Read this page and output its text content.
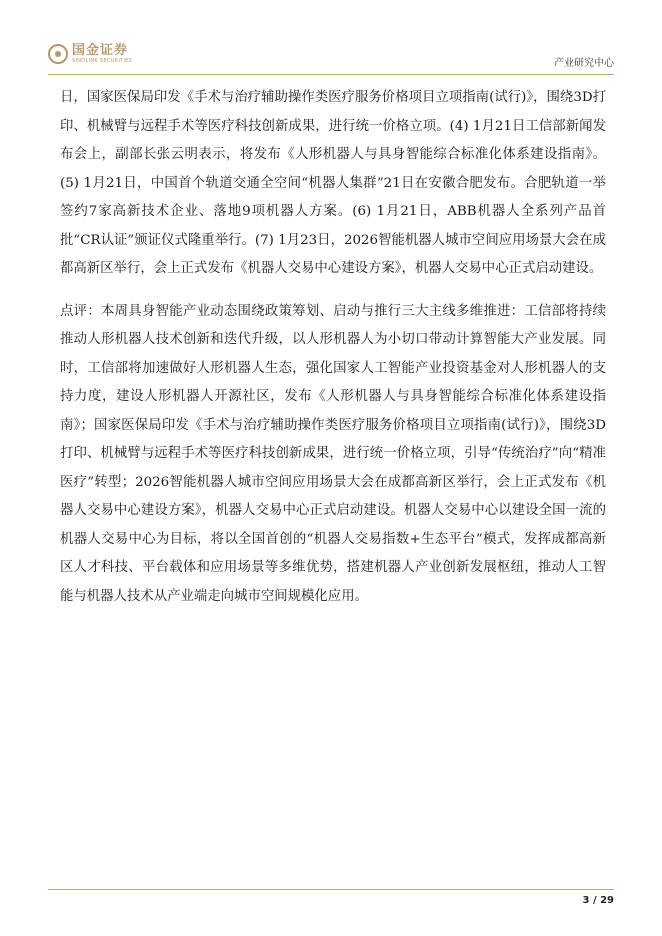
国金证券
SINOLINK SECURITIES	产业研究中心

日，国家医保局印发《手术与治疗辅助操作类医疗服务价格项目立项指南(试行)》，围绕3D打印、机械臂与远程手术等医疗科技创新成果，进行统一价格立项。(4) 1月21日工信部新闻发布会上，副部长张云明表示，将发布《人形机器人与具身智能综合标准化体系建设指南》。(5) 1月21日，中国首个轨道交通全空间“机器人集群”21日在安徽合肥发布。合肥轨道一举签约7家高新技术企业、落地9项机器人方案。(6) 1月21日，ABB机器人全系列产品首批“CR认证”颁证仪式隆重举行。(7) 1月23日，2026智能机器人城市空间应用场景大会在成都高新区举行，会上正式发布《机器人交易中心建设方案》，机器人交易中心正式启动建设。

点评：本周具身智能产业动态围绕政策筹划、启动与推行三大主线多维推进：工信部将持续推动人形机器人技术创新和迭代升级，以人形机器人为小切口带动计算智能大产业发展。同时，工信部将加速做好人形机器人生态，强化国家人工智能产业投资基金对人形机器人的支持力度，建设人形机器人开源社区，发布《人形机器人与具身智能综合标准化体系建设指南》；国家医保局印发《手术与治疗辅助操作类医疗服务价格项目立项指南(试行)》，围绕3D打印、机械臂与远程手术等医疗科技创新成果，进行统一价格立项，引导“传统治疗”向“精准医疗”转型；2026智能机器人城市空间应用场景大会在成都高新区举行，会上正式发布《机器人交易中心建设方案》，机器人交易中心正式启动建设。机器人交易中心以建设全国一流的机器人交易中心为目标，将以全国首创的“机器人交易指数+生态平台”模式，发挥成都高新区人才科技、平台载体和应用场景等多维优势，搭建机器人产业创新发展枢纽，推动人工智能与机器人技术从产业端走向城市空间规模化应用。

3 / 29
